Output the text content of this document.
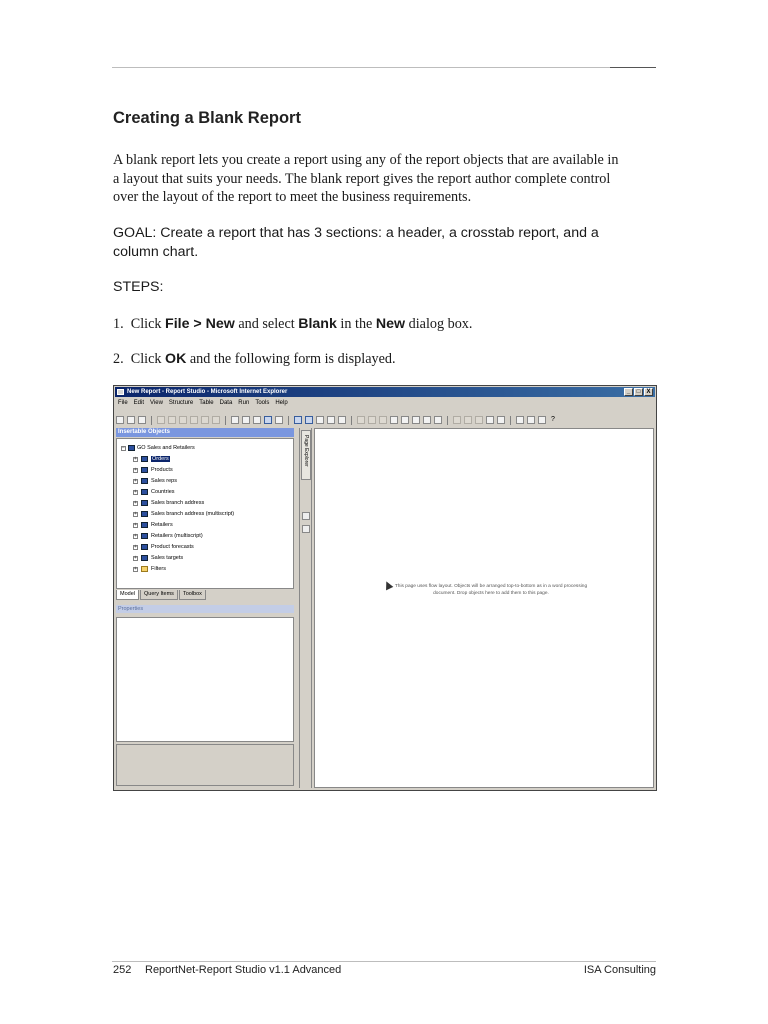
Creating a Blank Report
A blank report lets you create a report using any of the report objects that are available in
a layout that suits your needs. The blank report gives the report author complete control
over the layout of the report to meet the business requirements.
GOAL: Create a report that has 3 sections: a header, a crosstab report, and a
column chart.
STEPS:
1. Click File > New and select Blank in the New dialog box.
2. Click OK and the following form is displayed.
New Report - Report Studio - Microsoft Internet Explorer	_	□	X
File Edit View Structure Table Data Run Tools Help
?
Insertable Objects
− GO Sales and Retailers
+	Orders
+	Products
+	Sales reps
+	Countries
+	Sales branch address
+	Sales branch address (multiscript)
+	Retailers
+	Retailers (multiscript)
+	Product forecasts
+	Sales targets
+	Filters
Model	Query Items	Toolbox
Properties
Page Explorer
This page uses flow layout. Objects will be arranged top-to-bottom as in a word processing document. Drop objects here to add them to this page.
252 ReportNet-Report Studio v1.1 Advanced	ISA Consulting
